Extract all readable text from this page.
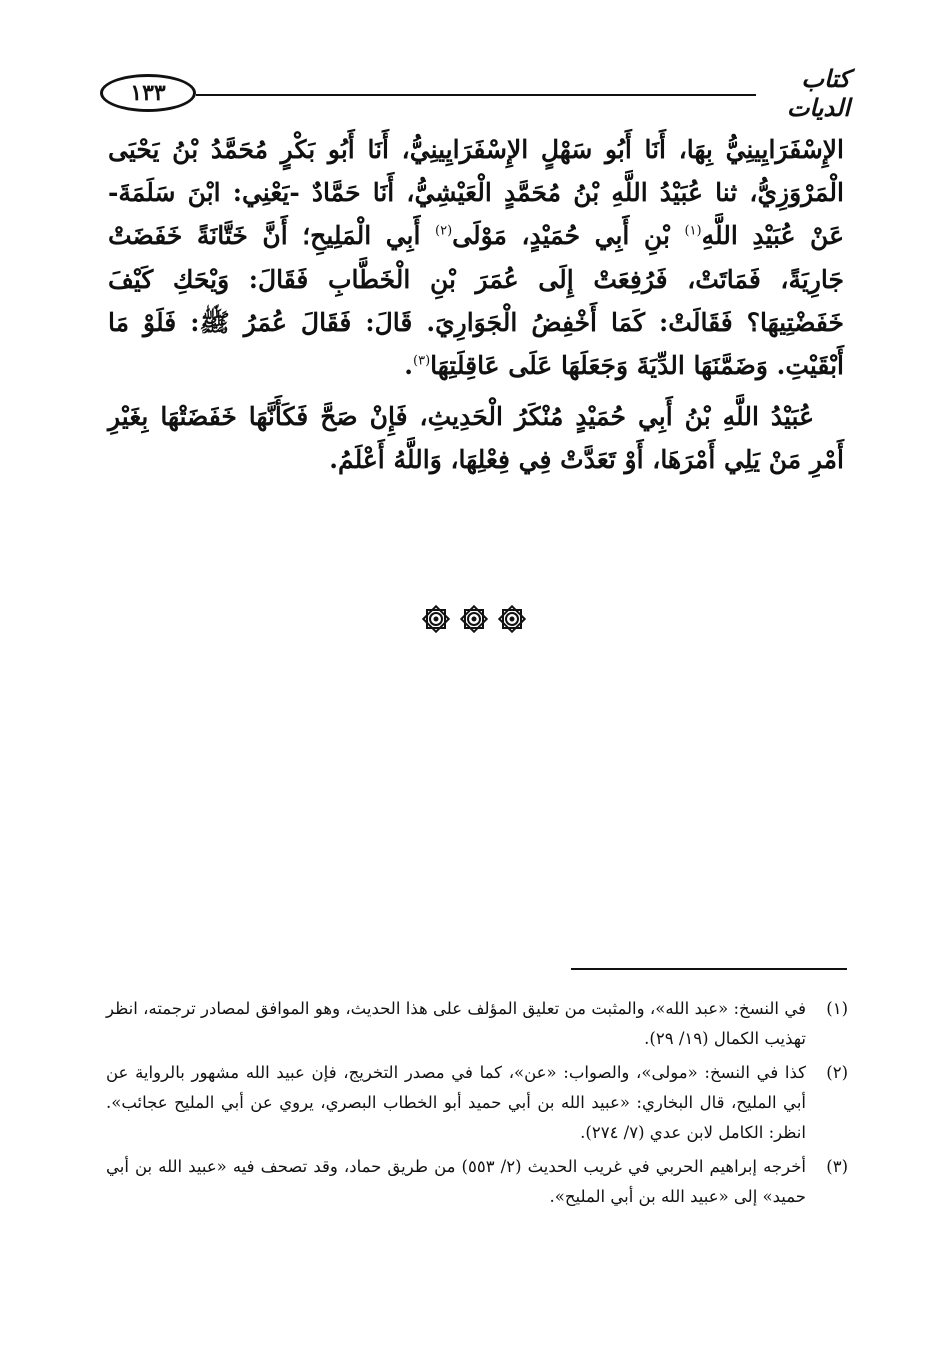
١٣٣	كتاب الديات

الإِسْفَرَايِينِيُّ بِهَا، أَنَا أَبُو سَهْلٍ الإِسْفَرَايِينِيُّ، أَنَا أَبُو بَكْرٍ مُحَمَّدُ بْنُ يَحْيَى الْمَرْوَزِيُّ، ثنا عُبَيْدُ اللَّهِ بْنُ مُحَمَّدٍ الْعَيْشِيُّ، أَنَا حَمَّادٌ -يَعْنِي: ابْنَ سَلَمَةَ- عَنْ عُبَيْدِ اللَّهِ$^{(١)}$ بْنِ أَبِي حُمَيْدٍ، مَوْلَى$^{(٢)}$ أَبِي الْمَلِيحِ؛ أَنَّ خَتَّانَةً خَفَضَتْ جَارِيَةً، فَمَاتَتْ، فَرُفِعَتْ إِلَى عُمَرَ بْنِ الْخَطَّابِ فَقَالَ: وَيْحَكِ كَيْفَ خَفَضْتِيهَا؟ فَقَالَتْ: كَمَا أَخْفِضُ الْجَوَارِيَ. قَالَ: فَقَالَ عُمَرُ ﷺ: فَلَوْ مَا أَبْقَيْتِ. وَضَمَّنَهَا الدِّيَةَ وَجَعَلَهَا عَلَى عَاقِلَتِهَا$^{(٣)}$.

عُبَيْدُ اللَّهِ بْنُ أَبِي حُمَيْدٍ مُنْكَرُ الْحَدِيثِ، فَإِنْ صَحَّ فَكَأَنَّهَا خَفَضَتْهَا بِغَيْرِ أَمْرِ مَنْ يَلِي أَمْرَهَا، أَوْ تَعَدَّتْ فِي فِعْلِهَا، وَاللَّهُ أَعْلَمُ.

(١)
في النسخ: «عبد الله»، والمثبت من تعليق المؤلف على هذا الحديث، وهو الموافق لمصادر ترجمته، انظر تهذيب الكمال (١٩/ ٢٩).
(٢)
كذا في النسخ: «مولى»، والصواب: «عن»، كما في مصدر التخريج، فإن عبيد الله مشهور بالرواية عن أبي المليح، قال البخاري: «عبيد الله بن أبي حميد أبو الخطاب البصري، يروي عن أبي المليح عجائب». انظر: الكامل لابن عدي (٧/ ٢٧٤).
(٣)
أخرجه إبراهيم الحربي في غريب الحديث (٢/ ٥٥٣) من طريق حماد، وقد تصحف فيه «عبيد الله بن أبي حميد» إلى «عبيد الله بن أبي المليح».
